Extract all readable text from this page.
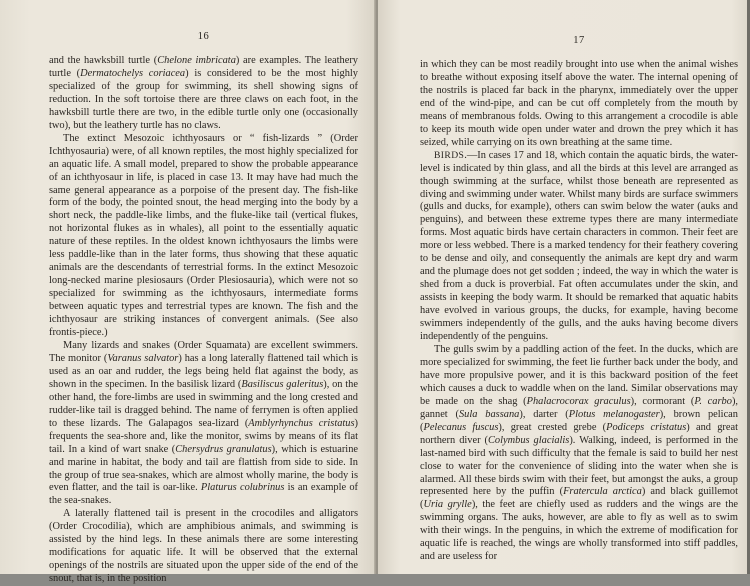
16

and the hawksbill turtle (Chelone imbricata) are examples. The leathery turtle (Dermatochelys coriacea) is considered to be the most highly specialized of the group for swimming, its shell showing signs of reduction. In the soft tortoise there are three claws on each foot, in the hawksbill turtle there are two, in the edible turtle only one (occasionally two), but the leathery turtle has no claws.

The extinct Mesozoic ichthyosaurs or “ fish-lizards ” (Order Ichthyosauria) were, of all known reptiles, the most highly specialized for an aquatic life. A small model, prepared to show the probable appearance of an ichthyosaur in life, is placed in case 13. It may have had much the same general appearance as a porpoise of the present day. The fish-like form of the body, the pointed snout, the head merging into the body by a short neck, the paddle-like limbs, and the fluke-like tail (vertical flukes, not horizontal flukes as in whales), all point to the essentially aquatic nature of these reptiles. In the oldest known ichthyosaurs the limbs were less paddle-like than in the later forms, thus showing that these aquatic animals are the descendants of terrestrial forms. In the extinct Mesozoic long-necked marine plesiosaurs (Order Plesiosauria), which were not so specialized for swimming as the ichthyosaurs, intermediate forms between aquatic types and terrestrial types are known. The fish and the ichthyosaur are striking instances of convergent animals. (See also frontis-piece.)

Many lizards and snakes (Order Squamata) are excellent swimmers. The monitor (Varanus salvator) has a long laterally flattened tail which is used as an oar and rudder, the legs being held flat against the body, as shown in the specimen. In the basilisk lizard (Basiliscus galeritus), on the other hand, the fore-limbs are used in swimming and the long crested and rudder-like tail is dragged behind. The name of ferrymen is often applied to these lizards. The Galapagos sea-lizard (Amblyrhynchus cristatus) frequents the sea-shore and, like the monitor, swims by means of its flat tail. In a kind of wart snake (Chersydrus granulatus), which is estuarine and marine in habitat, the body and tail are flattish from side to side. In the group of true sea-snakes, which are almost wholly marine, the body is even flatter, and the tail is oar-like. Platurus colubrinus is an example of the sea-snakes.

A laterally flattened tail is present in the crocodiles and alligators (Order Crocodilia), which are amphibious animals, and swimming is assisted by the hind legs. In these animals there are some interesting modifications for aquatic life. It will be observed that the external openings of the nostrils are situated upon the upper side of the end of the snout, that is, in the position

17

in which they can be most readily brought into use when the animal wishes to breathe without exposing itself above the water. The internal opening of the nostrils is placed far back in the pharynx, immediately over the upper end of the wind-pipe, and can be cut off completely from the mouth by means of membranous folds. Owing to this arrangement a crocodile is able to keep its mouth wide open under water and drown the prey which it has seized, while carrying on its own breathing at the same time.

BIRDS.—In cases 17 and 18, which contain the aquatic birds, the water-level is indicated by thin glass, and all the birds at this level are arranged as though swimming at the surface, whilst those beneath are represented as diving and swimming under water. Whilst many birds are surface swimmers (gulls and ducks, for example), others can swim below the water (auks and penguins), and between these extreme types there are many intermediate forms. Most aquatic birds have certain characters in common. Their feet are more or less webbed. There is a marked tendency for their feathery covering to be dense and oily, and consequently the animals are kept dry and warm and the plumage does not get sodden ; indeed, the way in which the water is shed from a duck is proverbial. Fat often accumulates under the skin, and assists in keeping the body warm. It should be remarked that aquatic habits have evolved in various groups, the ducks, for example, having become swimmers independently of the gulls, and the auks having become divers independently of the penguins.

The gulls swim by a paddling action of the feet. In the ducks, which are more specialized for swimming, the feet lie further back under the body, and have more propulsive power, and it is this backward position of the feet which causes a duck to waddle when on the land. Similar observations may be made on the shag (Phalacrocorax graculus), cormorant (P. carbo), gannet (Sula bassana), darter (Plotus melanogaster), brown pelican (Pelecanus fuscus), great crested grebe (Podiceps cristatus) and great northern diver (Colymbus glacialis). Walking, indeed, is performed in the last-named bird with such difficulty that the female is said to build her nest close to water for the convenience of sliding into the water when she is alarmed. All these birds swim with their feet, but amongst the auks, a group represented here by the puffin (Fratercula arctica) and black guillemot (Uria grylle), the feet are chiefly used as rudders and the wings are the swimming organs. The auks, however, are able to fly as well as to swim with their wings. In the penguins, in which the extreme of modification for aquatic life is reached, the wings are wholly transformed into stiff paddles, and are useless for
